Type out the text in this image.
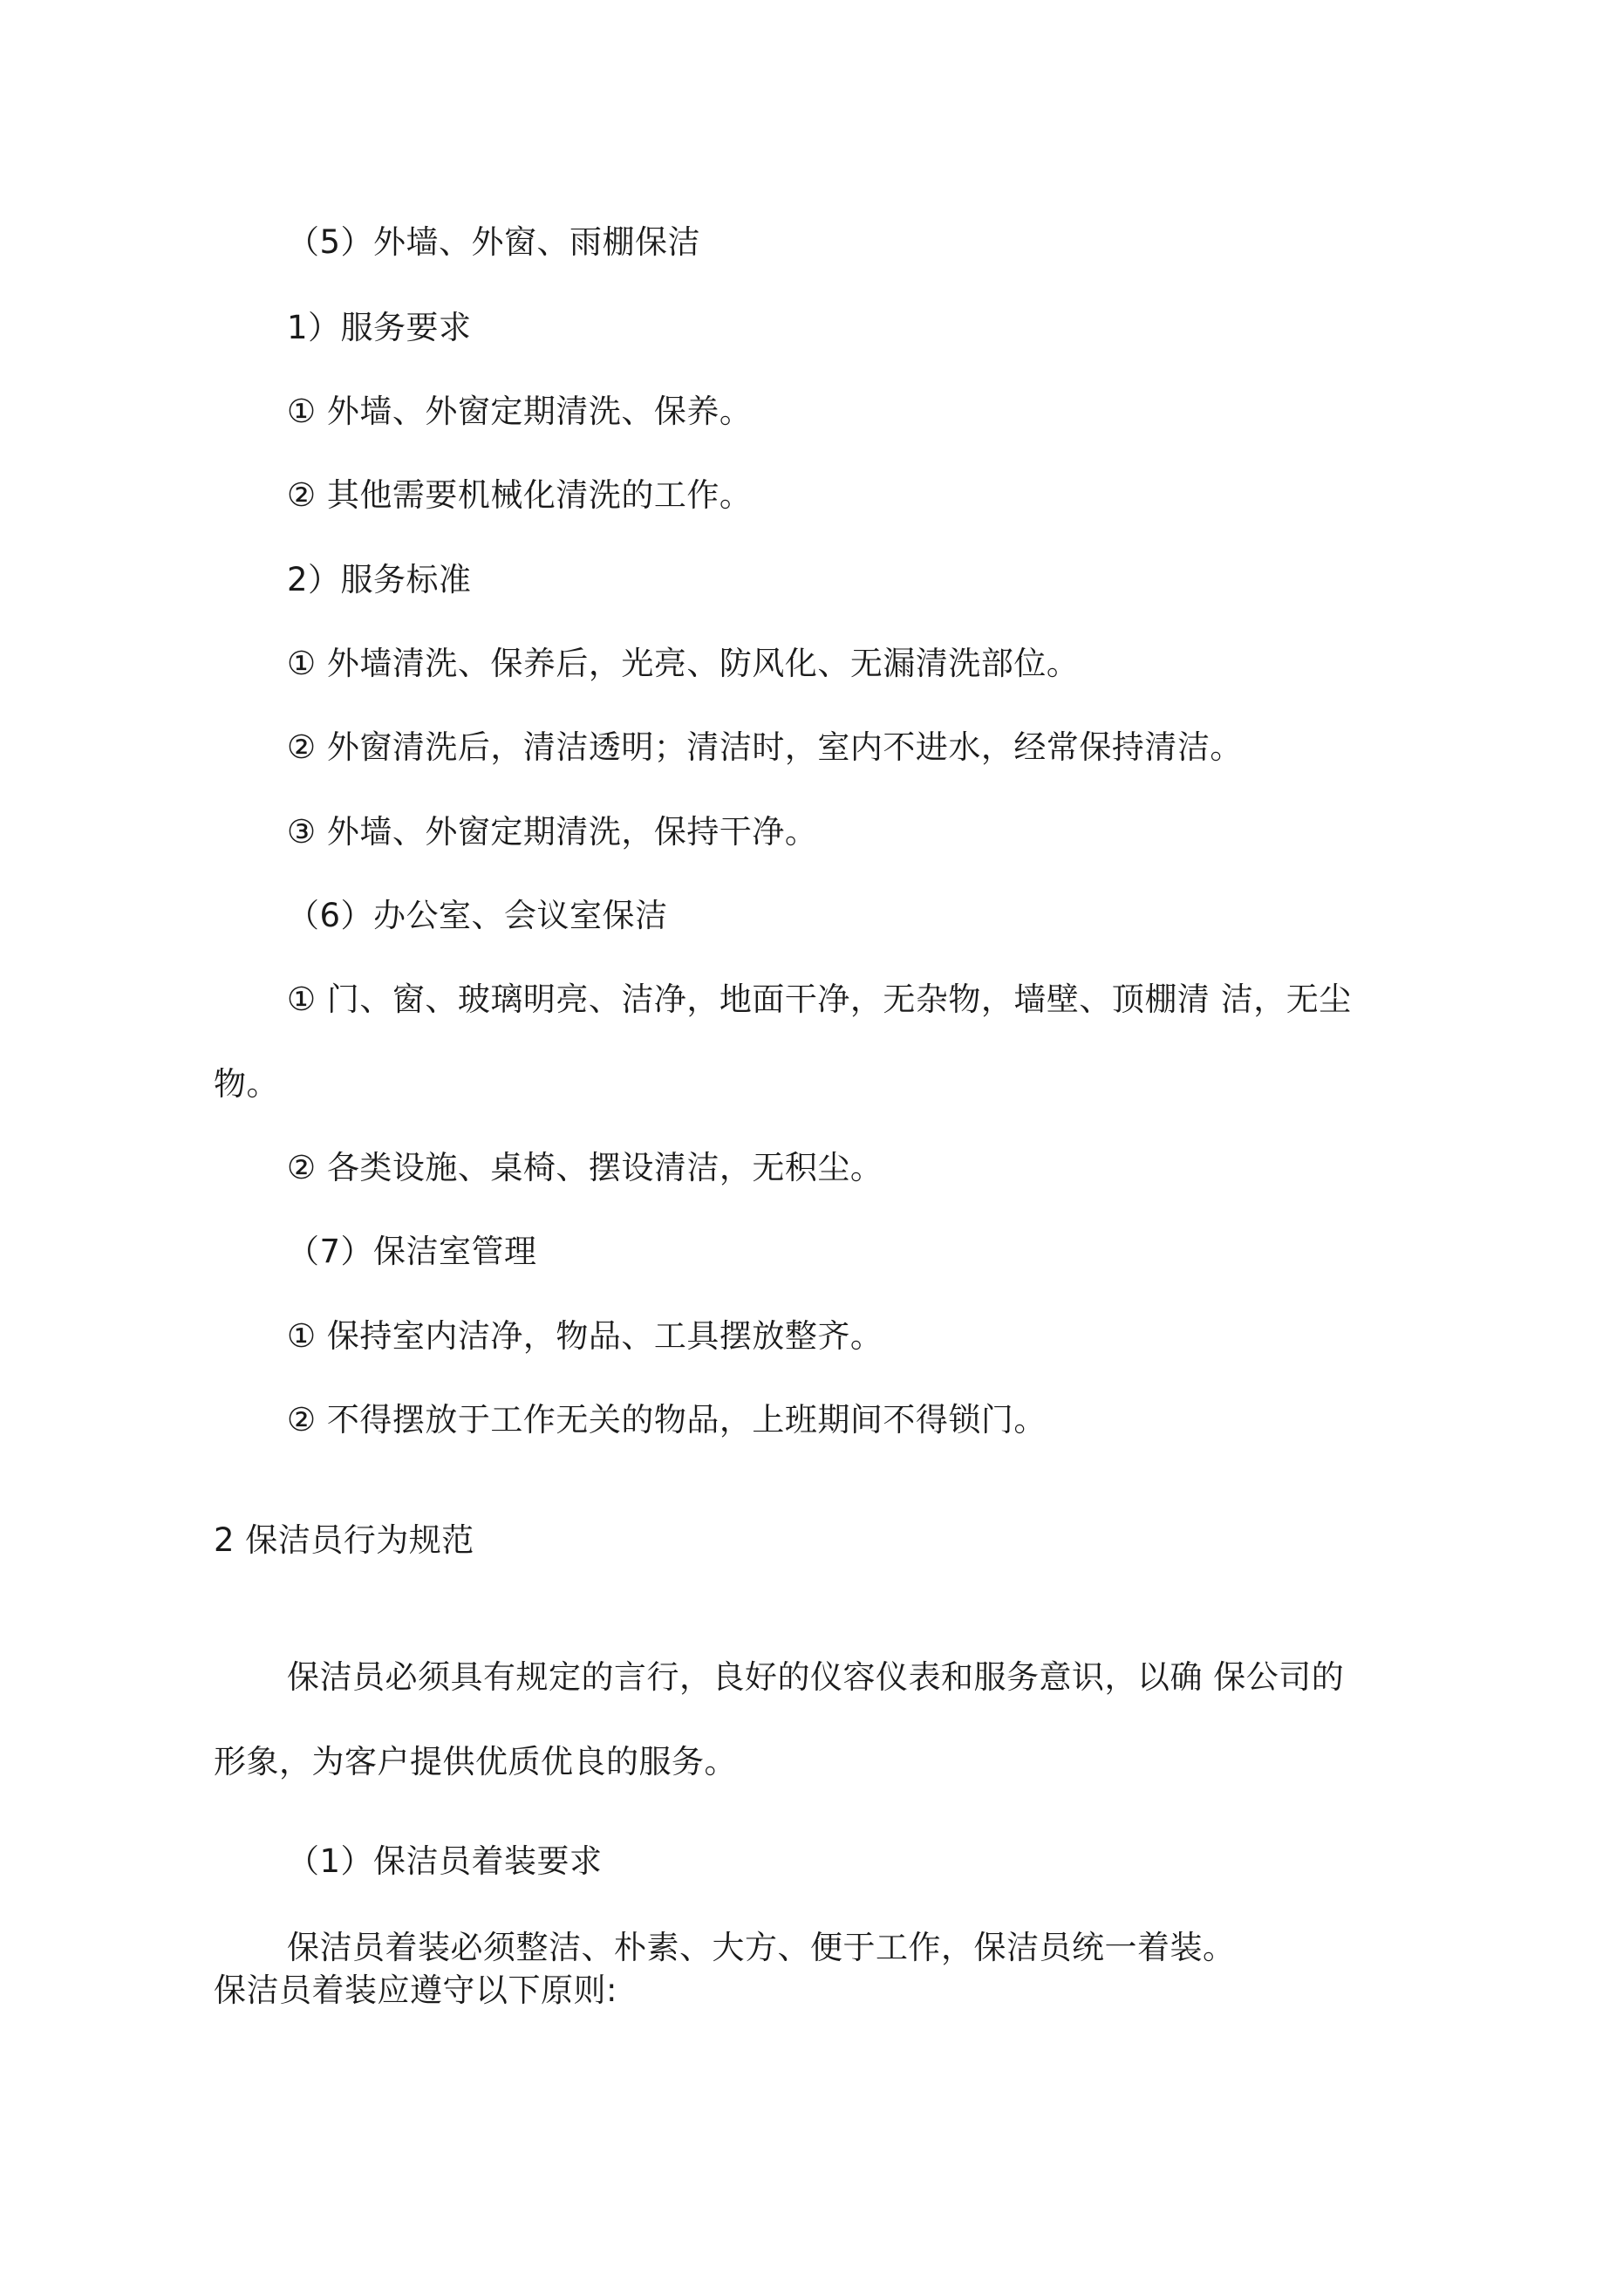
（5）外墙、外窗、雨棚保洁
1）服务要求
① 外墙、外窗定期清洗、保养。
② 其他需要机械化清洗的工作。
2）服务标准
① 外墙清洗、保养后，光亮、防风化、无漏清洗部位。
② 外窗清洗后，清洁透明；清洁时，室内不进水，经常保持清洁。
③ 外墙、外窗定期清洗，保持干净。
（6）办公室、会议室保洁
① 门、窗、玻璃明亮、洁净，地面干净，无杂物，墙壁、顶棚清 洁，无尘
物。
② 各类设施、桌椅、摆设清洁，无积尘。
（7）保洁室管理
① 保持室内洁净，物品、工具摆放整齐。
② 不得摆放于工作无关的物品，上班期间不得锁门。
2 保洁员行为规范
保洁员必须具有规定的言行，良好的仪容仪表和服务意识，以确 保公司的
形象，为客户提供优质优良的服务。
（1）保洁员着装要求
保洁员着装必须整洁、朴素、大方、便于工作，保洁员统一着装。
保洁员着装应遵守以下原则:
